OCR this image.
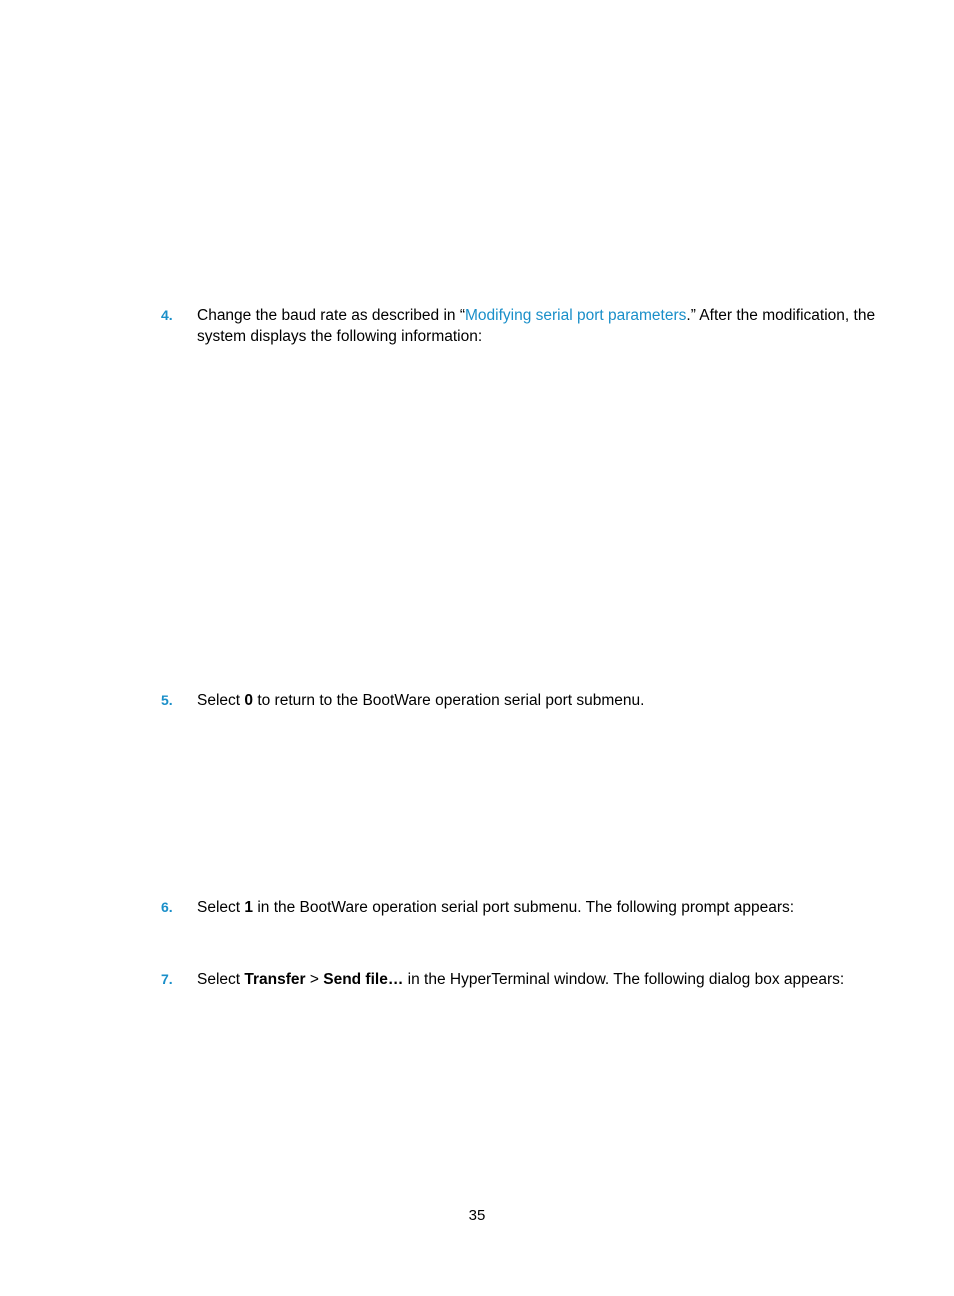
4. Change the baud rate as described in “Modifying serial port parameters.” After the modification, the system displays the following information:
5. Select 0 to return to the BootWare operation serial port submenu.
6. Select 1 in the BootWare operation serial port submenu. The following prompt appears:
7. Select Transfer > Send file… in the HyperTerminal window. The following dialog box appears:
35
